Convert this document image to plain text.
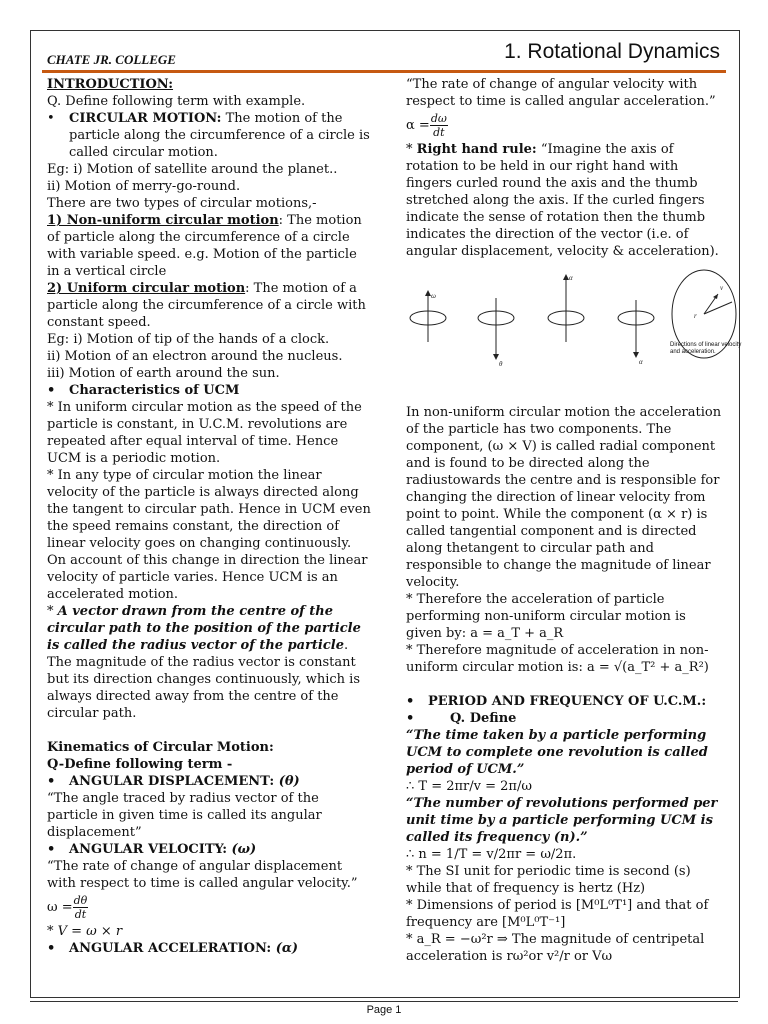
CHATE JR. COLLEGE	1. Rotational Dynamics

INTRODUCTION:

Q. Define following term with example.

• CIRCULAR MOTION: The motion of the particle along the circumference of a circle is called circular motion.

Eg: i) Motion of satellite around the planet..

ii) Motion of merry-go-round.

There are two types of circular motions,-

1) Non-uniform circular motion: The motion of particle along the circumference of a circle with variable speed. e.g. Motion of the particle in a vertical circle

2) Uniform circular motion: The motion of a particle along the circumference of a circle with constant speed.

Eg: i) Motion of tip of the hands of a clock.

ii) Motion of an electron around the nucleus.

iii) Motion of earth around the sun.

• Characteristics of UCM

* In uniform circular motion as the speed of the particle is constant, in U.C.M. revolutions are repeated after equal interval of time. Hence UCM is a periodic motion.

* In any type of circular motion the linear velocity of the particle is always directed along the tangent to circular path. Hence in UCM even the speed remains constant, the direction of linear velocity goes on changing continuously. On account of this change in direction the linear velocity of particle varies. Hence UCM is an accelerated motion.

* A vector drawn from the centre of the circular path to the position of the particle is called the radius vector of the particle. The magnitude of the radius vector is constant but its direction changes continuously, which is always directed away from the centre of the circular path.

Kinematics of Circular Motion:

Q-Define following term -

• ANGULAR DISPLACEMENT: (θ)

“The angle traced by radius vector of the particle in given time is called its angular displacement”

• ANGULAR VELOCITY: (ω)

“The rate of change of angular displacement with respect to time is called angular velocity.”

$\omega = \frac{d\theta}{dt}$

* V = ω × r

• ANGULAR ACCELERATION: (α)

“The rate of change of angular velocity with respect to time is called angular acceleration.”

$\alpha = \frac{d\omega}{dt}$

* Right hand rule: “Imagine the axis of rotation to be held in our right hand with fingers curled round the axis and the thumb stretched along the axis. If the curled fingers indicate the sense of rotation then the thumb indicates the direction of the vector (i.e. of angular displacement, velocity & acceleration).

ω
θ
α
α
v
r
Directions of linear velocity and acceleration.

In non-uniform circular motion the acceleration of the particle has two components. The component, (ω × V) is called radial component and is found to be directed along the radiustowards the centre and is responsible for changing the direction of linear velocity from point to point. While the component (α × r) is called tangential component and is directed along thetangent to circular path and responsible to change the magnitude of linear velocity.

* Therefore the acceleration of particle performing non-uniform circular motion is given by: a = a_T + a_R

* Therefore magnitude of acceleration in non-uniform circular motion is: a = √(a_T² + a_R²)

• PERIOD AND FREQUENCY OF U.C.M.:

•	Q. Define

“The time taken by a particle performing UCM to complete one revolution is called period of UCM.”

∴ T = 2πr/v = 2π/ω

“The number of revolutions performed per unit time by a particle performing UCM is called its frequency (n).”

∴ n = 1/T = v/2πr = ω/2π.

* The SI unit for periodic time is second (s) while that of frequency is hertz (Hz)

* Dimensions of period is [M⁰L⁰T¹] and that of frequency are [M⁰L⁰T⁻¹]

* a_R = −ω²r ⇒ The magnitude of centripetal acceleration is rω²or v²/r or Vω

Page 1
